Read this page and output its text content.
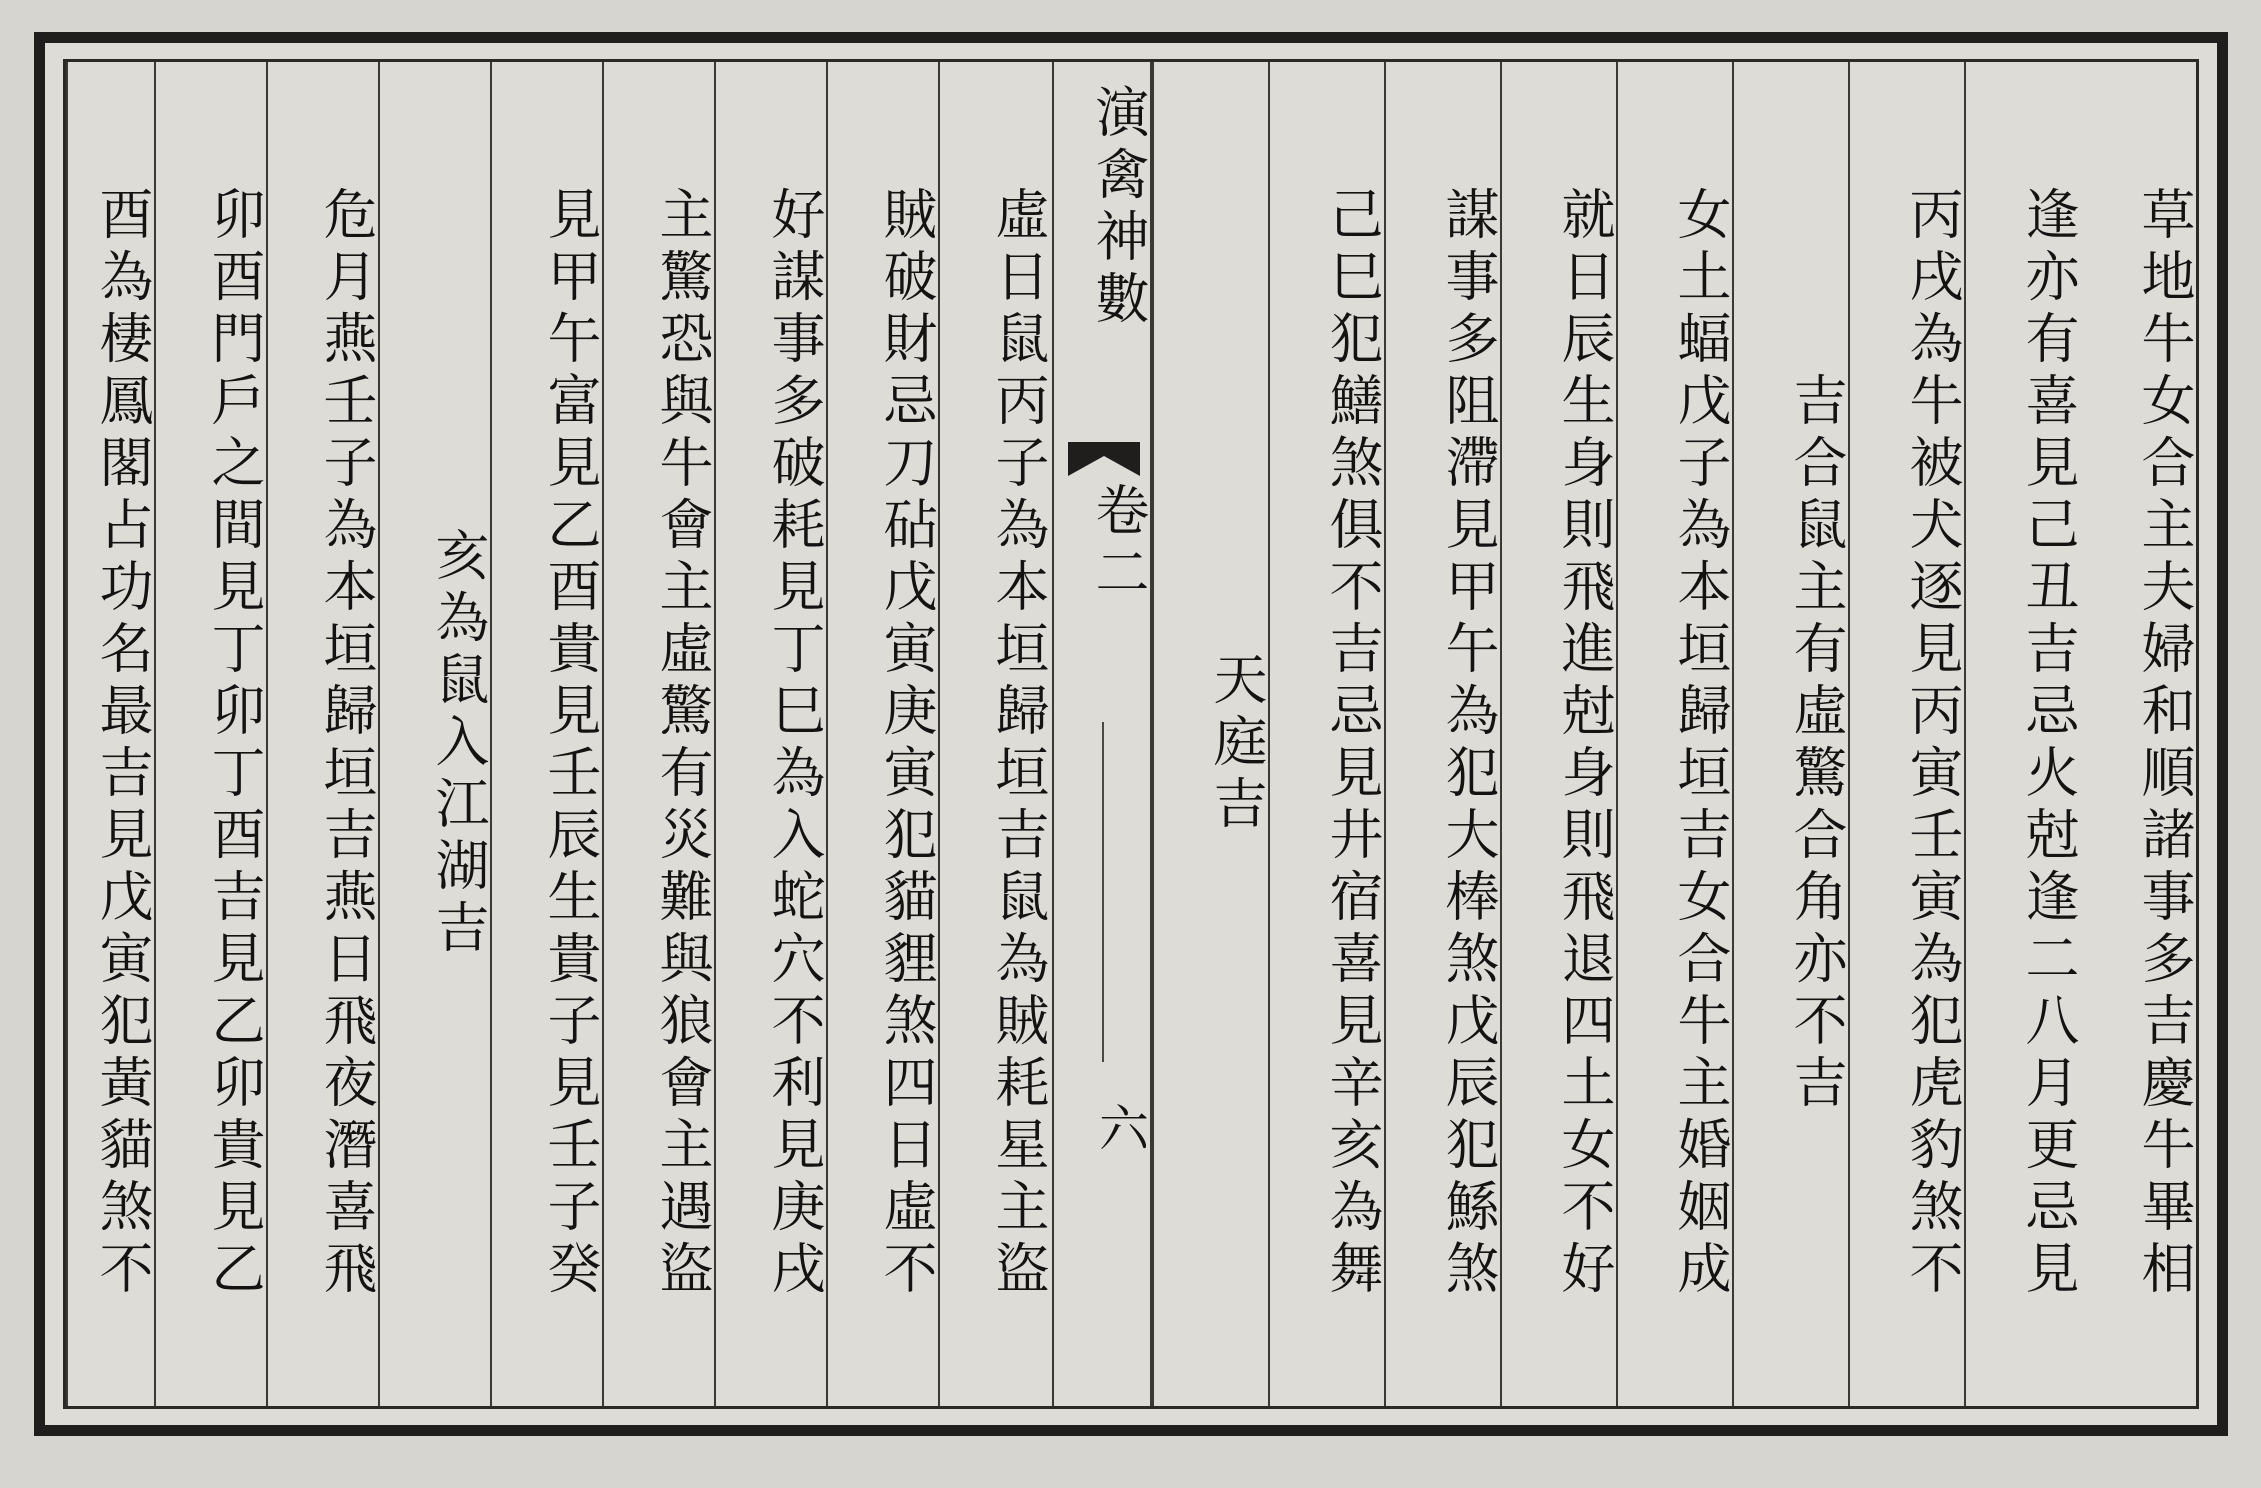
草地牛女合主夫婦和順諸事多吉慶牛畢相
逢亦有喜見己丑吉忌火尅逢二八月更忌見
丙戌為牛被犬逐見丙寅壬寅為犯虎豹煞不
吉合鼠主有虛驚合角亦不吉
女土蝠戊子為本垣歸垣吉女合牛主婚姻成
就日辰生身則飛進尅身則飛退四土女不好
謀事多阻滯見甲午為犯大棒煞戊辰犯鯀煞
己巳犯鱔煞俱不吉忌見井宿喜見辛亥為舞
天庭吉
演禽神數
卷二
六
虛日鼠丙子為本垣歸垣吉鼠為賊耗星主盜
賊破財忌刀砧戊寅庚寅犯貓貍煞四日虛不
好謀事多破耗見丁巳為入蛇穴不利見庚戌
主驚恐與牛會主虛驚有災難與狼會主遇盜
見甲午富見乙酉貴見壬辰生貴子見壬子癸
亥為鼠入江湖吉
危月燕壬子為本垣歸垣吉燕日飛夜潛喜飛
卯酉門戶之間見丁卯丁酉吉見乙卯貴見乙
酉為棲鳳閣占功名最吉見戊寅犯黃貓煞不
